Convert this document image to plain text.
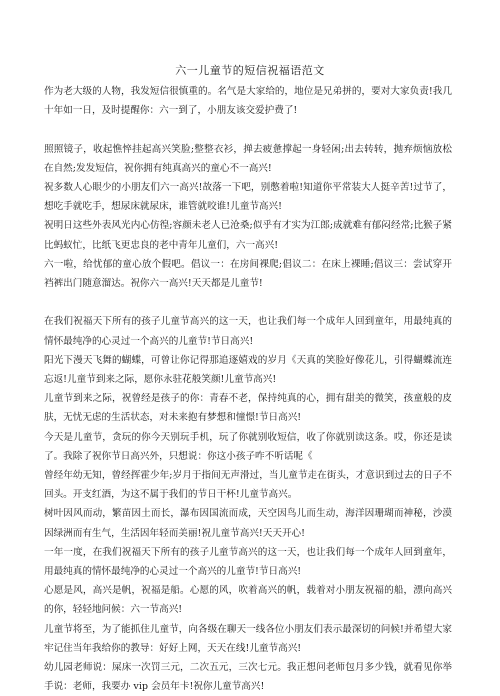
六一儿童节的短信祝福语范文

作为老大级的人物，我发短信很慎重的。名气是大家给的，地位是兄弟拼的，要对大家负责!我几十年如一日，及时提醒你：六一到了，小朋友该交爱护费了!

照照镜子，收起憔悴挂起高兴笑脸;整整衣衫，掸去疲惫撑起一身轻闲;出去转转，抛弃烦恼放松在自然;发发短信，祝你拥有纯真高兴的童心不一高兴!

祝多数人心眼少的小朋友们六一高兴!故落一下吧，别憋着啦!知道你平常装大人挺辛苦!过节了，想吃手就吃手，想尿床就尿床，谁管就咬谁!儿童节高兴!

祝明日这些外表风光内心仿徨;容颜未老人已沧桑;似乎有才实为江郎;成就难有郁闷经常;比猴子紧比蚂蚁忙，比纸飞更忠良的老中青年儿童们，六一高兴!

六一啦，给忧郁的童心放个假吧。倡议一：在房间裸爬;倡议二：在床上裸睡;倡议三：尝试穿开裆裤出门随意溜达。祝你六一高兴!天天都是儿童节!

在我们祝福天下所有的孩子儿童节高兴的这一天，也让我们每一个成年人回到童年，用最纯真的情怀最纯净的心灵过一个高兴的儿童节!节日高兴!

阳光下漫天飞舞的蝴蝶，可曾让你记得那追逐嬉戏的岁月《天真的笑脸好像花儿，引得蝴蝶流连忘返!儿童节到来之际，愿你永驻花般笑颜!儿童节高兴!

儿童节到来之际，祝曾经是孩子的你：青春不老，保持纯真的心，拥有甜美的微笑，孩童般的皮肤，无忧无虑的生活状态，对未来抱有梦想和憧憬!节日高兴!

今天是儿童节，贪玩的你今天别玩手机，玩了你就别收短信，收了你就别读这条。哎，你还是读了。我除了祝你节日高兴外，只想说：你这小孩子咋不听话呢《

曾经年幼无知，曾经挥霍少年;岁月于指间无声滑过，当儿童节走在街头，才意识到过去的日子不回头。开支红酒，为这不属于我们的节日干杯!儿童节高兴。

树叶因风而动，繁苗因土而长，瀑布因国流而成，天空因鸟儿而生动，海洋因珊瑚而神秘，沙漠因绿洲而有生气，生活因年轻而美丽!祝儿童节高兴!天天开心!

一年一度，在我们祝福天下所有的孩子儿童节高兴的这一天，也让我们每一个成年人回到童年，用最纯真的情怀最纯净的心灵过一个高兴的儿童节!节日高兴!

心愿是风，高兴是帆，祝福是船。心愿的风，吹着高兴的帆，载着对小朋友祝福的船，漂向高兴的你，轻轻地问候：六一节高兴!

儿童节将至，为了能抓住儿童节，向各级在聊天一线各位小朋友们表示最深切的问候!并希望大家牢记住当年我给你的教导：好好上网，天天在线!儿童节高兴!

幼儿园老师说：屎床一次罚三元，二次五元，三次七元。我正想问老师包月多少钱，就看见你举手说：老师，我要办 vip 会员年卡!祝你儿童节高兴!
